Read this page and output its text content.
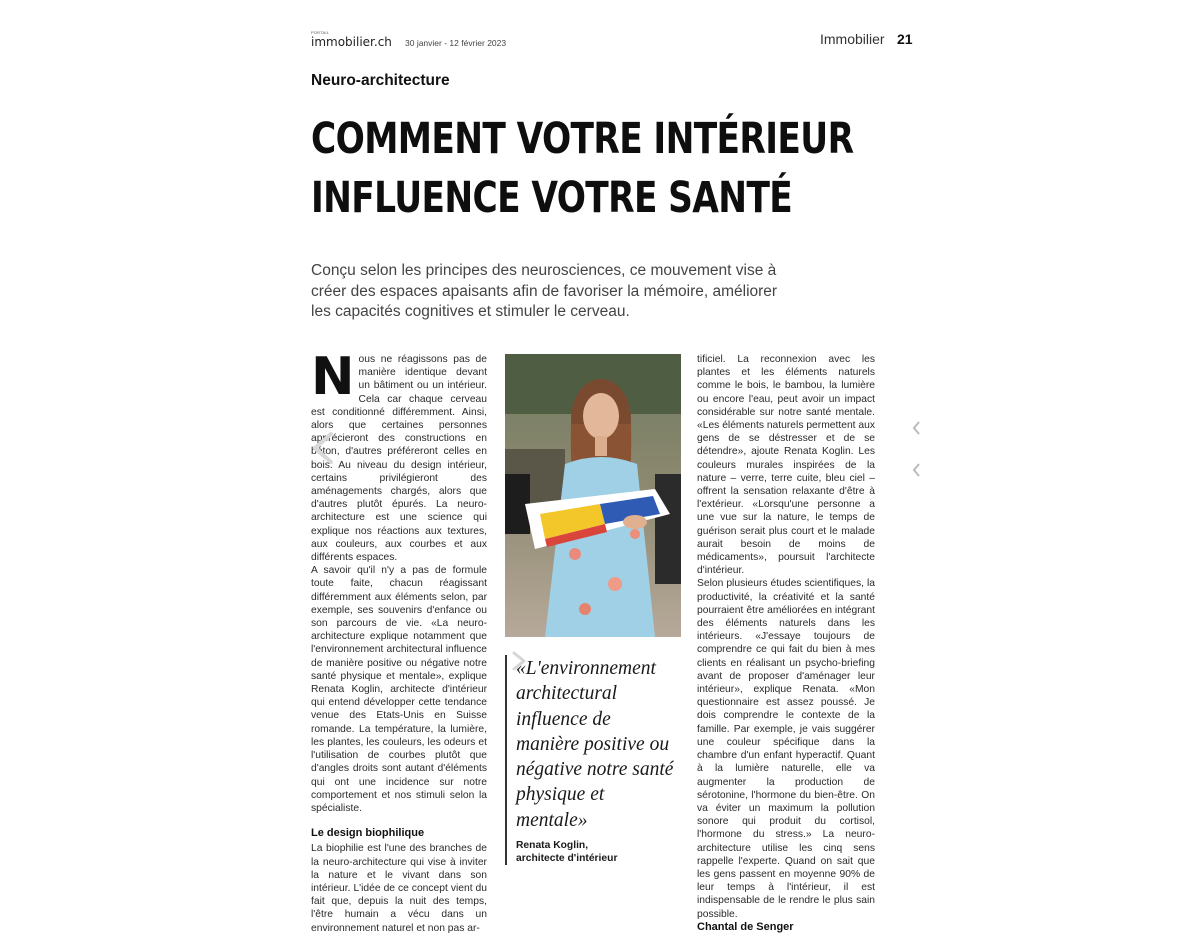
PORTAIL
immobilier.ch 30 janvier - 12 février 2023	Immobilier 21
Neuro-architecture
COMMENT VOTRE INTÉRIEUR
INFLUENCE VOTRE SANTÉ
Conçu selon les principes des neurosciences, ce mouvement vise à créer des espaces apaisants afin de favoriser la mémoire, améliorer les capacités cognitives et stimuler le cerveau.
N ous ne réagissons pas de manière identique devant un bâtiment ou un intérieur. Cela car chaque cerveau est conditionné différemment. Ainsi, alors que certaines personnes apprécieront des constructions en béton, d'autres préféreront celles en bois. Au niveau du design intérieur, certains privilégieront des aménagements chargés, alors que d'autres plutôt épurés. La neuro-architecture est une science qui explique nos réactions aux textures, aux couleurs, aux courbes et aux différents espaces.

A savoir qu'il n'y a pas de formule toute faite, chacun réagissant différemment aux éléments selon, par exemple, ses souvenirs d'enfance ou son parcours de vie. «La neuro-architecture explique notamment que l'environnement architectural influence de manière positive ou négative notre santé physique et mentale», explique Renata Koglin, architecte d'intérieur qui entend développer cette tendance venue des Etats-Unis en Suisse romande. La température, la lumière, les plantes, les couleurs, les odeurs et l'utilisation de courbes plutôt que d'angles droits sont autant d'éléments qui ont une incidence sur notre comportement et nos stimuli selon la spécialiste.

Le design biophilique

La biophilie est l'une des branches de la neuro-architecture qui vise à inviter la nature et le vivant dans son intérieur. L'idée de ce concept vient du fait que, depuis la nuit des temps, l'être humain a vécu dans un environnement naturel et non pas ar-

«L'environnement architectural influence de manière positive ou négative notre santé physique et mentale»
Renata Koglin,
architecte d'intérieur

tificiel. La reconnexion avec les plantes et les éléments naturels comme le bois, le bambou, la lumière ou encore l'eau, peut avoir un impact considérable sur notre santé mentale. «Les éléments naturels permettent aux gens de se déstresser et de se détendre», ajoute Renata Koglin. Les couleurs murales inspirées de la nature – verre, terre cuite, bleu ciel – offrent la sensation relaxante d'être à l'extérieur. «Lorsqu'une personne a une vue sur la nature, le temps de guérison serait plus court et le malade aurait besoin de moins de médicaments», poursuit l'architecte d'intérieur.

Selon plusieurs études scientifiques, la productivité, la créativité et la santé pourraient être améliorées en intégrant des éléments naturels dans les intérieurs. «J'essaye toujours de comprendre ce qui fait du bien à mes clients en réalisant un psycho-briefing avant de proposer d'aménager leur intérieur», explique Renata. «Mon questionnaire est assez poussé. Je dois comprendre le contexte de la famille. Par exemple, je vais suggérer une couleur spécifique dans la chambre d'un enfant hyperactif. Quant à la lumière naturelle, elle va augmenter la production de sérotonine, l'hormone du bien-être. On va éviter un maximum la pollution sonore qui produit du cortisol, l'hormone du stress.» La neuro-architecture utilise les cinq sens rappelle l'experte. Quand on sait que les gens passent en moyenne 90% de leur temps à l'intérieur, il est indispensable de le rendre le plus sain possible.

Chantal de Senger
